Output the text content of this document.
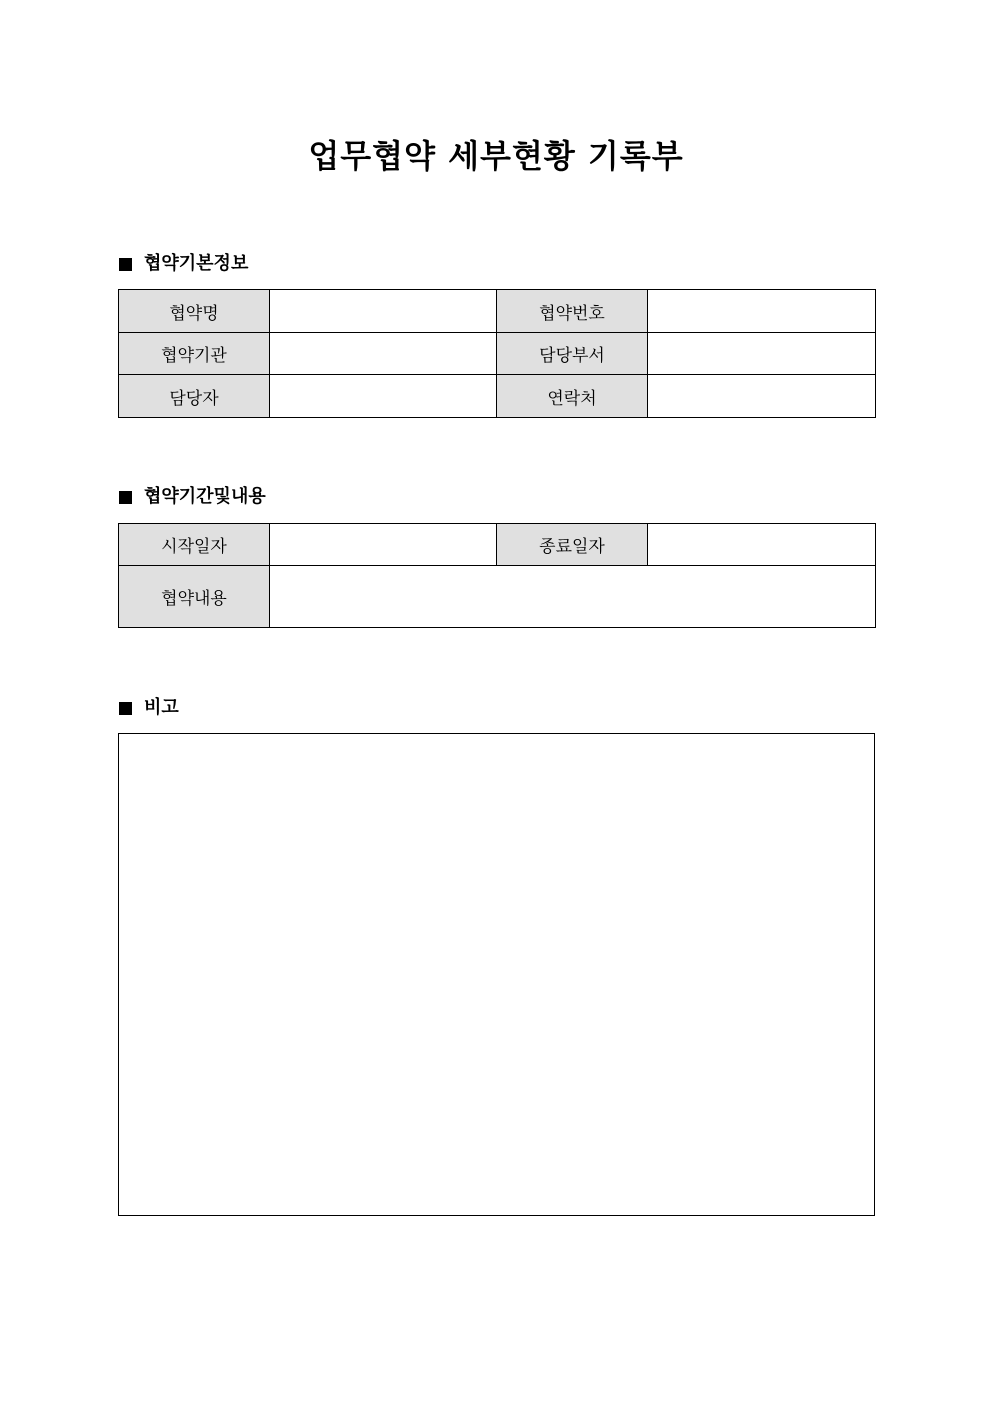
업무협약 세부현황 기록부
협약기본정보
협약명		협약번호	
협약기관		담당부서	
담당자		연락처	
협약기간및내용
시작일자		종료일자	
협약내용			
비고
